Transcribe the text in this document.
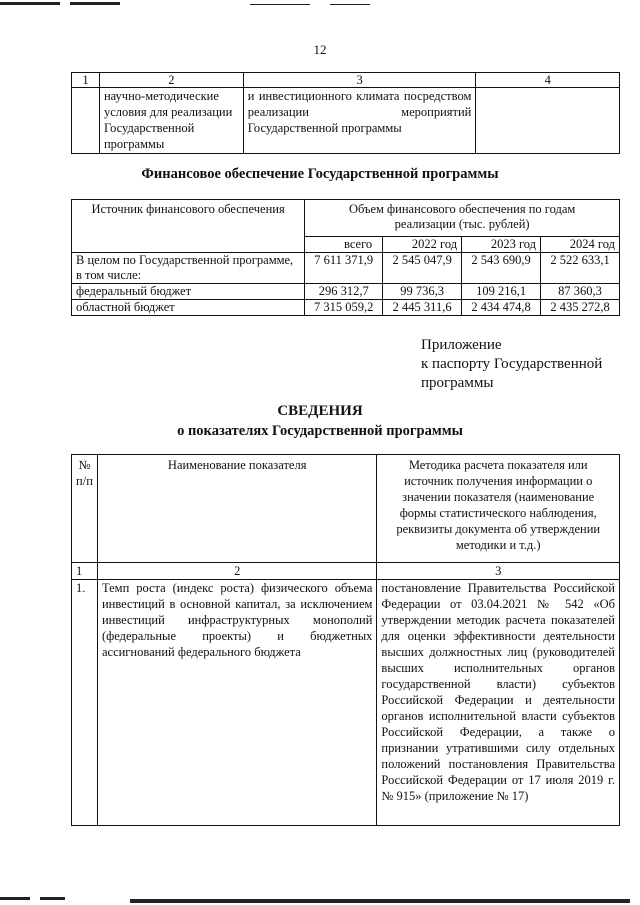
12
1	2	3	4
	научно-методические условия для реализации Государственной программы	и инвестиционного климата посредством реализации мероприятий Государственной программы	
Финансовое обеспечение Государственной программы
Источник финансового обеспечения	Объем финансового обеспечения по годам реализации (тыс. рублей)			
	всего	2022 год	2023 год	2024 год
В целом по Государственной программе, в том числе:	7 611 371,9	2 545 047,9	2 543 690,9	2 522 633,1
федеральный бюджет	296 312,7	99 736,3	109 216,1	87 360,3
областной бюджет	7 315 059,2	2 445 311,6	2 434 474,8	2 435 272,8
Приложение
к паспорту Государственной
программы
СВЕДЕНИЯ
о показателях Государственной программы
№ п/п	Наименование показателя	Методика расчета показателя или источник получения информации о значении показателя (наименование формы статистического наблюдения, реквизиты документа об утверждении методики и т.д.)
1	2	3
1.	Темп роста (индекс роста) физического объема инвестиций в основной капитал, за исключением инвестиций инфраструктурных монополий (федеральные проекты) и бюджетных ассигнований федерального бюджета	постановление Правительства Российской Федерации от 03.04.2021 № 542 «Об утверждении методик расчета показателей для оценки эффективности деятельности высших должностных лиц (руководителей высших исполнительных органов государственной власти) субъектов Российской Федерации и деятельности органов исполнительной власти субъектов Российской Федерации, а также о признании утратившими силу отдельных положений постановления Правительства Российской Федерации от 17 июля 2019 г. № 915» (приложение № 17)
